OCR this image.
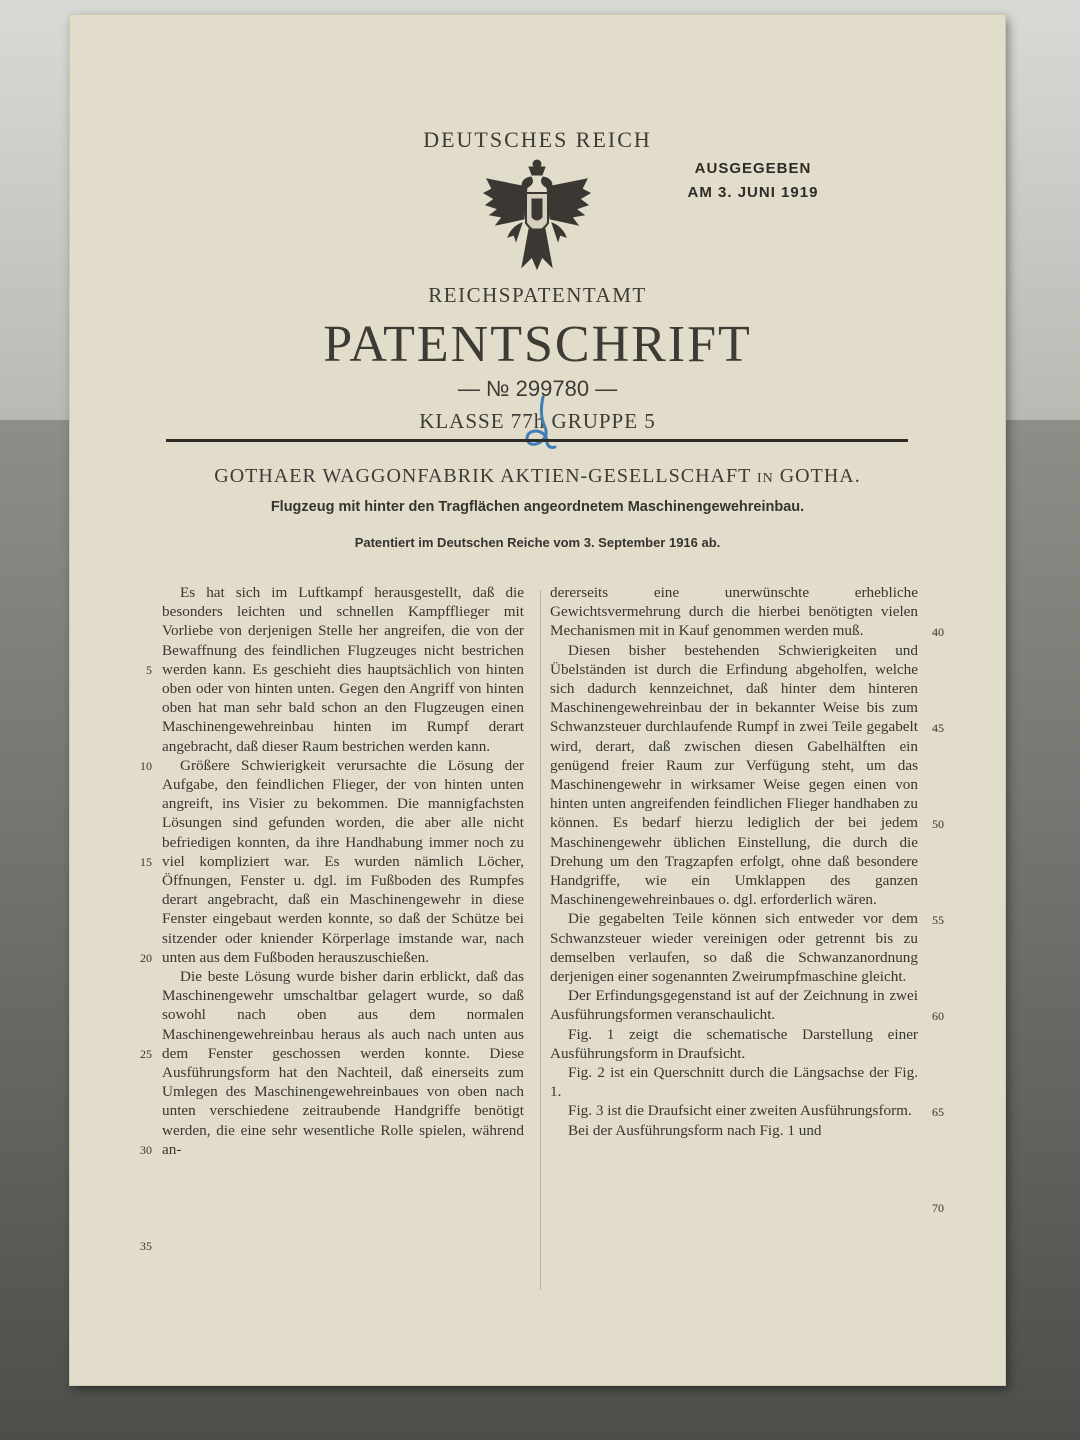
DEUTSCHES REICH
AUSGEGEBEN
AM 3. JUNI 1919
REICHSPATENTAMT
PATENTSCHRIFT
— № 299780 —
KLASSE 77h GRUPPE 5
GOTHAER WAGGONFABRIK AKTIEN-GESELLSCHAFT IN GOTHA.
Flugzeug mit hinter den Tragflächen angeordnetem Maschinengewehreinbau.
Patentiert im Deutschen Reiche vom 3. September 1916 ab.

Es hat sich im Luftkampf herausgestellt, daß die besonders leichten und schnellen Kampfflieger mit Vorliebe von derjenigen Stelle her angreifen, die von der Bewaffnung des feindlichen Flugzeuges nicht bestrichen werden kann. Es geschieht dies hauptsächlich von hinten oben oder von hinten unten. Gegen den Angriff von hinten oben hat man sehr bald schon an den Flugzeugen einen Maschinengewehreinbau hinten im Rumpf derart angebracht, daß dieser Raum bestrichen werden kann.

Größere Schwierigkeit verursachte die Lösung der Aufgabe, den feindlichen Flieger, der von hinten unten angreift, ins Visier zu bekommen. Die mannigfachsten Lösungen sind gefunden worden, die aber alle nicht befriedigen konnten, da ihre Handhabung immer noch zu viel kompliziert war. Es wurden nämlich Löcher, Öffnungen, Fenster u. dgl. im Fußboden des Rumpfes derart angebracht, daß ein Maschinengewehr in diese Fenster eingebaut werden konnte, so daß der Schütze bei sitzender oder kniender Körperlage imstande war, nach unten aus dem Fußboden herauszuschießen.

Die beste Lösung wurde bisher darin erblickt, daß das Maschinengewehr umschaltbar gelagert wurde, so daß sowohl nach oben aus dem normalen Maschinengewehreinbau heraus als auch nach unten aus dem Fenster geschossen werden konnte. Diese Ausführungsform hat den Nachteil, daß einerseits zum Umlegen des Maschinengewehreinbaues von oben nach unten verschiedene zeitraubende Handgriffe benötigt werden, die eine sehr wesentliche Rolle spielen, während an-

dererseits eine unerwünschte erhebliche Gewichtsvermehrung durch die hierbei benötigten vielen Mechanismen mit in Kauf genommen werden muß.

Diesen bisher bestehenden Schwierigkeiten und Übelständen ist durch die Erfindung abgeholfen, welche sich dadurch kennzeichnet, daß hinter dem hinteren Maschinengewehreinbau der in bekannter Weise bis zum Schwanzsteuer durchlaufende Rumpf in zwei Teile gegabelt wird, derart, daß zwischen diesen Gabelhälften ein genügend freier Raum zur Verfügung steht, um das Maschinengewehr in wirksamer Weise gegen einen von hinten unten angreifenden feindlichen Flieger handhaben zu können. Es bedarf hierzu lediglich der bei jedem Maschinengewehr üblichen Einstellung, die durch die Drehung um den Tragzapfen erfolgt, ohne daß besondere Handgriffe, wie ein Umklappen des ganzen Maschinengewehreinbaues o. dgl. erforderlich wären.

Die gegabelten Teile können sich entweder vor dem Schwanzsteuer wieder vereinigen oder getrennt bis zu demselben verlaufen, so daß die Schwanzanordnung derjenigen einer sogenannten Zweirumpfmaschine gleicht.

Der Erfindungsgegenstand ist auf der Zeichnung in zwei Ausführungsformen veranschaulicht.

Fig. 1 zeigt die schematische Darstellung einer Ausführungsform in Draufsicht.

Fig. 2 ist ein Querschnitt durch die Längsachse der Fig. 1.

Fig. 3 ist die Draufsicht einer zweiten Ausführungsform.

Bei der Ausführungsform nach Fig. 1 und

5
10
15
20
25
30
35
40
45
50
55
60
65
70
